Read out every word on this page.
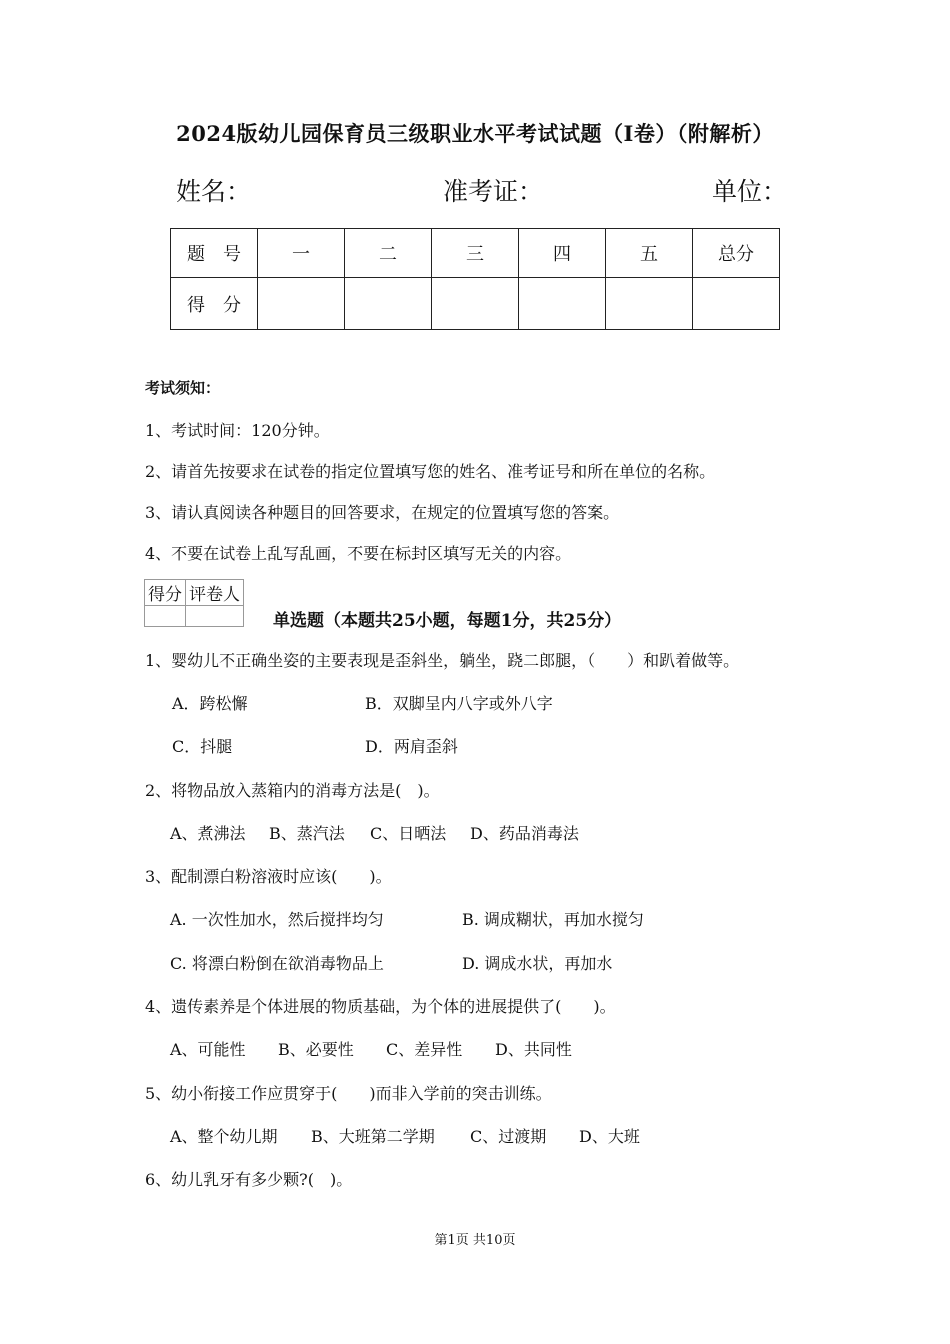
2024版幼儿园保育员三级职业水平考试试题（I卷）（附解析）
姓名：	准考证：	单位：
题　号	一	二	三	四	五	总分
得　分						
考试须知：
1、考试时间：120分钟。
2、请首先按要求在试卷的指定位置填写您的姓名、准考证号和所在单位的名称。
3、请认真阅读各种题目的回答要求，在规定的位置填写您的答案。
4、不要在试卷上乱写乱画，不要在标封区填写无关的内容。
得分	评卷人

单选题（本题共25小题，每题1分，共25分）
1、婴幼儿不正确坐姿的主要表现是歪斜坐，躺坐，跷二郎腿，（　　）和趴着做等。
A．跨松懈	B．双脚呈内八字或外八字
C．抖腿	D．两肩歪斜
2、将物品放入蒸箱内的消毒方法是(　)。
A、煮沸法 B、蒸汽法 C、日晒法 D、药品消毒法
3、配制漂白粉溶液时应该(　　)。
A. 一次性加水，然后搅拌均匀	B. 调成糊状，再加水搅匀
C. 将漂白粉倒在欲消毒物品上	D. 调成水状，再加水
4、遗传素养是个体进展的物质基础，为个体的进展提供了(　　)。
A、可能性 B、必要性 C、差异性 D、共同性
5、幼小衔接工作应贯穿于(　　)而非入学前的突击训练。
A、整个幼儿期 B、大班第二学期 C、过渡期 D、大班
6、幼儿乳牙有多少颗?(　)。
第1页 共10页
